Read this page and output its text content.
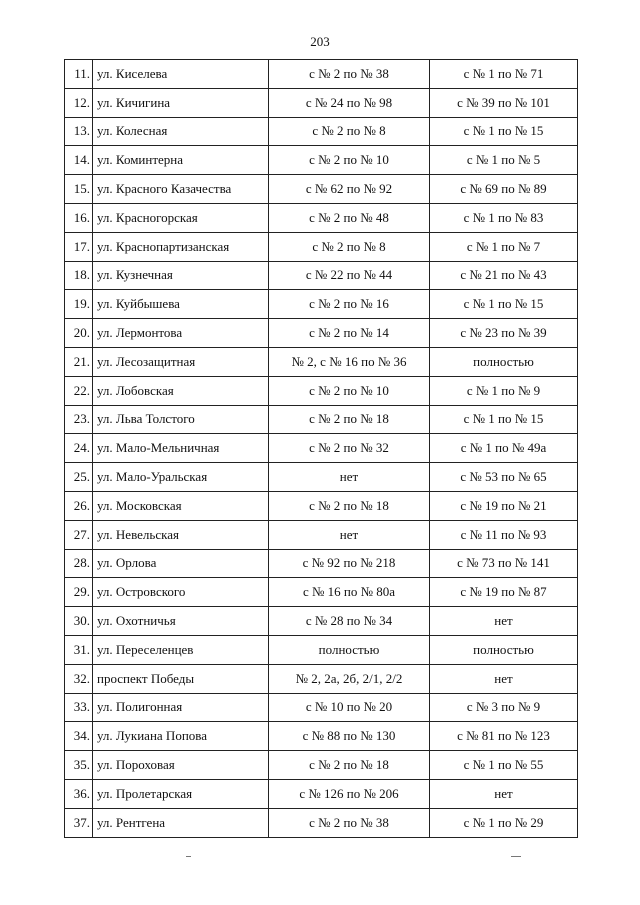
203
11.	ул. Киселева	с № 2 по № 38	с № 1 по № 71
12.	ул. Кичигина	с № 24 по № 98	с № 39 по № 101
13.	ул. Колесная	с № 2 по № 8	с № 1 по № 15
14.	ул. Коминтерна	с № 2 по № 10	с № 1 по № 5
15.	ул. Красного Казачества	с № 62 по № 92	с № 69 по № 89
16.	ул. Красногорская	с № 2 по № 48	с № 1 по № 83
17.	ул. Краснопартизанская	с № 2 по № 8	с № 1 по № 7
18.	ул. Кузнечная	с № 22 по № 44	с № 21 по № 43
19.	ул. Куйбышева	с № 2 по № 16	с № 1 по № 15
20.	ул. Лермонтова	с № 2 по № 14	с № 23 по № 39
21.	ул. Лесозащитная	№ 2, с № 16 по № 36	полностью
22.	ул. Лобовская	с № 2 по № 10	с № 1 по № 9
23.	ул. Льва Толстого	с № 2 по № 18	с № 1 по № 15
24.	ул. Мало-Мельничная	с № 2 по № 32	с № 1 по № 49а
25.	ул. Мало-Уральская	нет	с № 53 по № 65
26.	ул. Московская	с № 2 по № 18	с № 19 по № 21
27.	ул. Невельская	нет	с № 11 по № 93
28.	ул. Орлова	с № 92 по № 218	с № 73 по № 141
29.	ул. Островского	с № 16 по № 80а	с № 19 по № 87
30.	ул. Охотничья	с № 28 по № 34	нет
31.	ул. Переселенцев	полностью	полностью
32.	проспект Победы	№ 2, 2а, 2б, 2/1, 2/2	нет
33.	ул. Полигонная	с № 10 по № 20	с № 3 по № 9
34.	ул. Лукиана Попова	с № 88 по № 130	с № 81 по № 123
35.	ул. Пороховая	с № 2 по № 18	с № 1 по № 55
36.	ул. Пролетарская	с № 126 по № 206	нет
37.	ул. Рентгена	с № 2 по № 38	с № 1 по № 29
